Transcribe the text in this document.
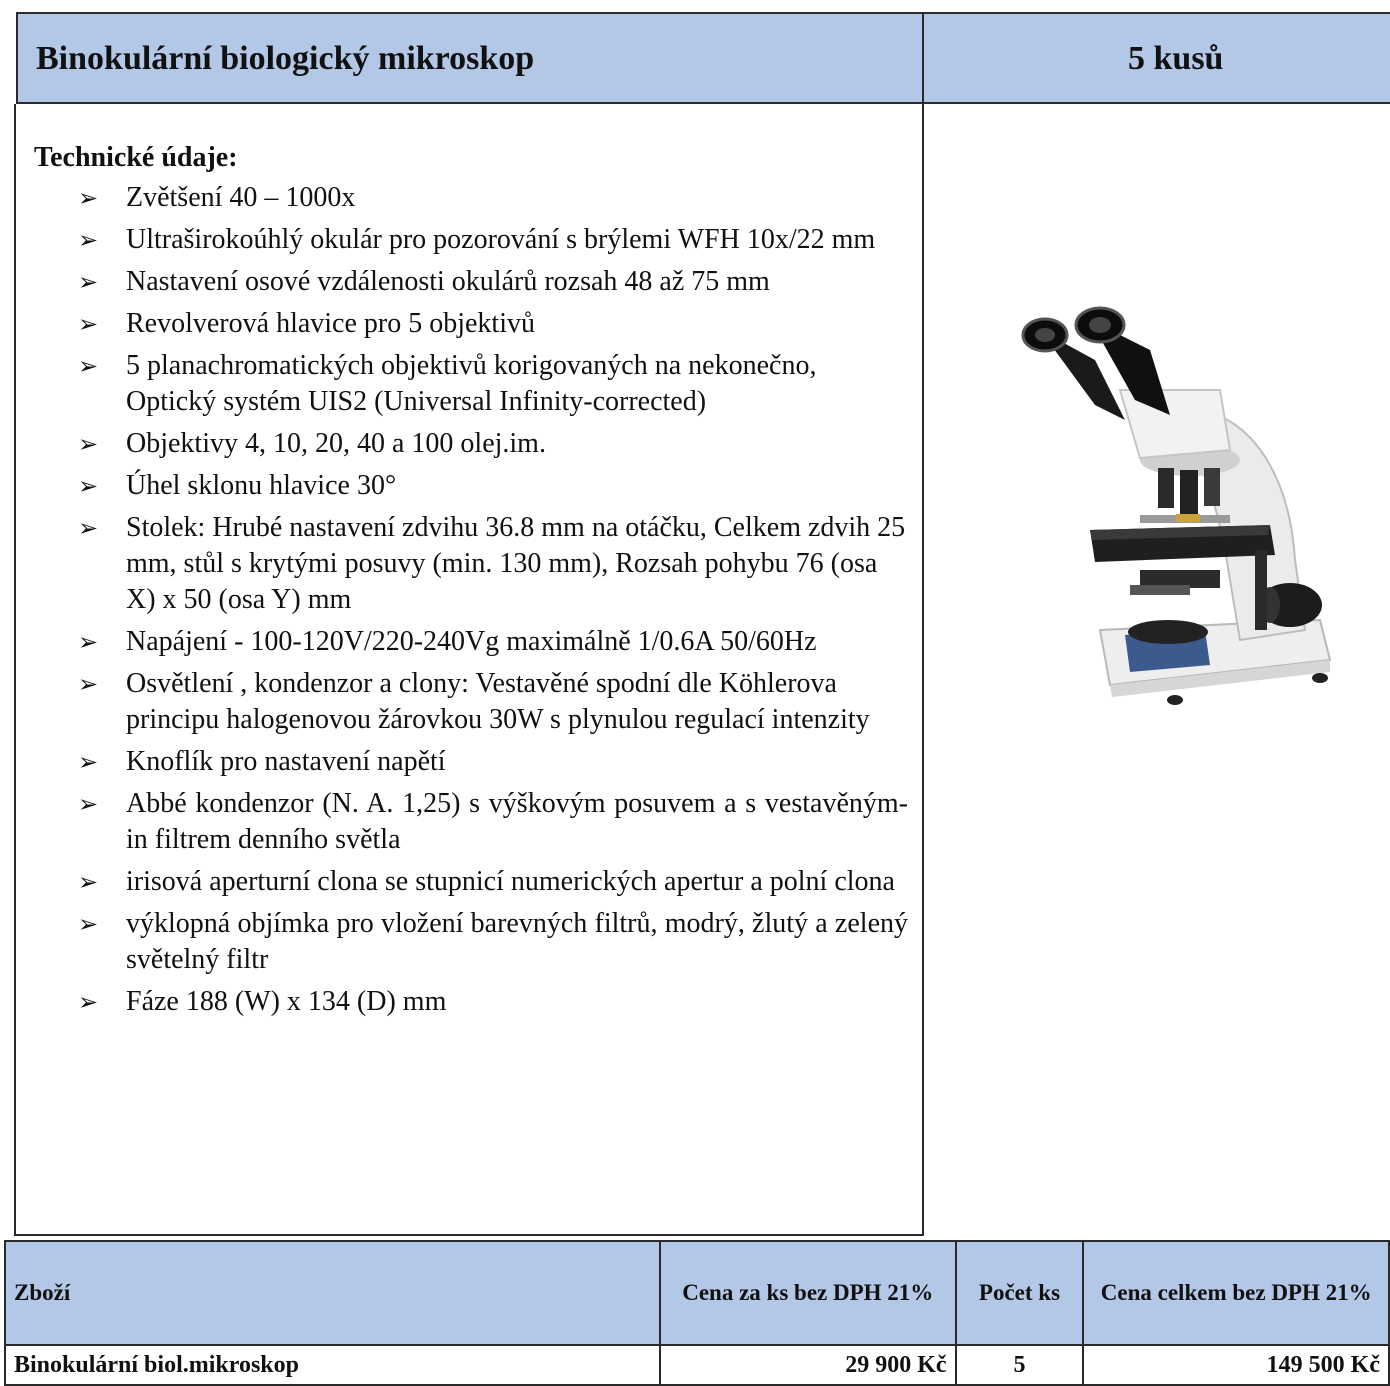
Binokulární biologický mikroskop	5 kusů
Technické údaje:
➢ Zvětšení 40 – 1000x
➢ Ultraširokoúhlý okulár pro pozorování s brýlemi WFH 10x/22 mm
➢ Nastavení osové vzdálenosti okulárů rozsah 48 až 75 mm
➢ Revolverová hlavice pro 5 objektivů
➢ 5 planachromatických objektivů korigovaných na nekonečno, Optický systém UIS2 (Universal Infinity-corrected)
➢ Objektivy 4, 10, 20, 40 a 100 olej.im.
➢ Úhel sklonu hlavice 30°
➢ Stolek: Hrubé nastavení zdvihu 36.8 mm na otáčku, Celkem zdvih 25 mm, stůl s krytými posuvy (min. 130 mm), Rozsah pohybu 76 (osa X) x 50 (osa Y) mm
➢ Napájení - 100-120V/220-240Vg maximálně 1/0.6A 50/60Hz
➢ Osvětlení , kondenzor a clony: Vestavěné spodní dle Köhlerova principu halogenovou žárovkou 30W s plynulou regulací intenzity
➢ Knoflík pro nastavení napětí
➢ Abbé kondenzor (N. A. 1,25) s výškovým posuvem a s vestavěným-in filtrem denního světla
➢ irisová aperturní clona se stupnicí numerických apertur a polní clona
➢ výklopná objímka pro vložení barevných filtrů, modrý, žlutý a zelený světelný filtr
➢ Fáze 188 (W) x 134 (D) mm
Zboží	Cena za ks bez DPH 21%	Počet ks	Cena celkem bez DPH 21%
Binokulární biol.mikroskop	29 900 Kč	5	149 500 Kč
